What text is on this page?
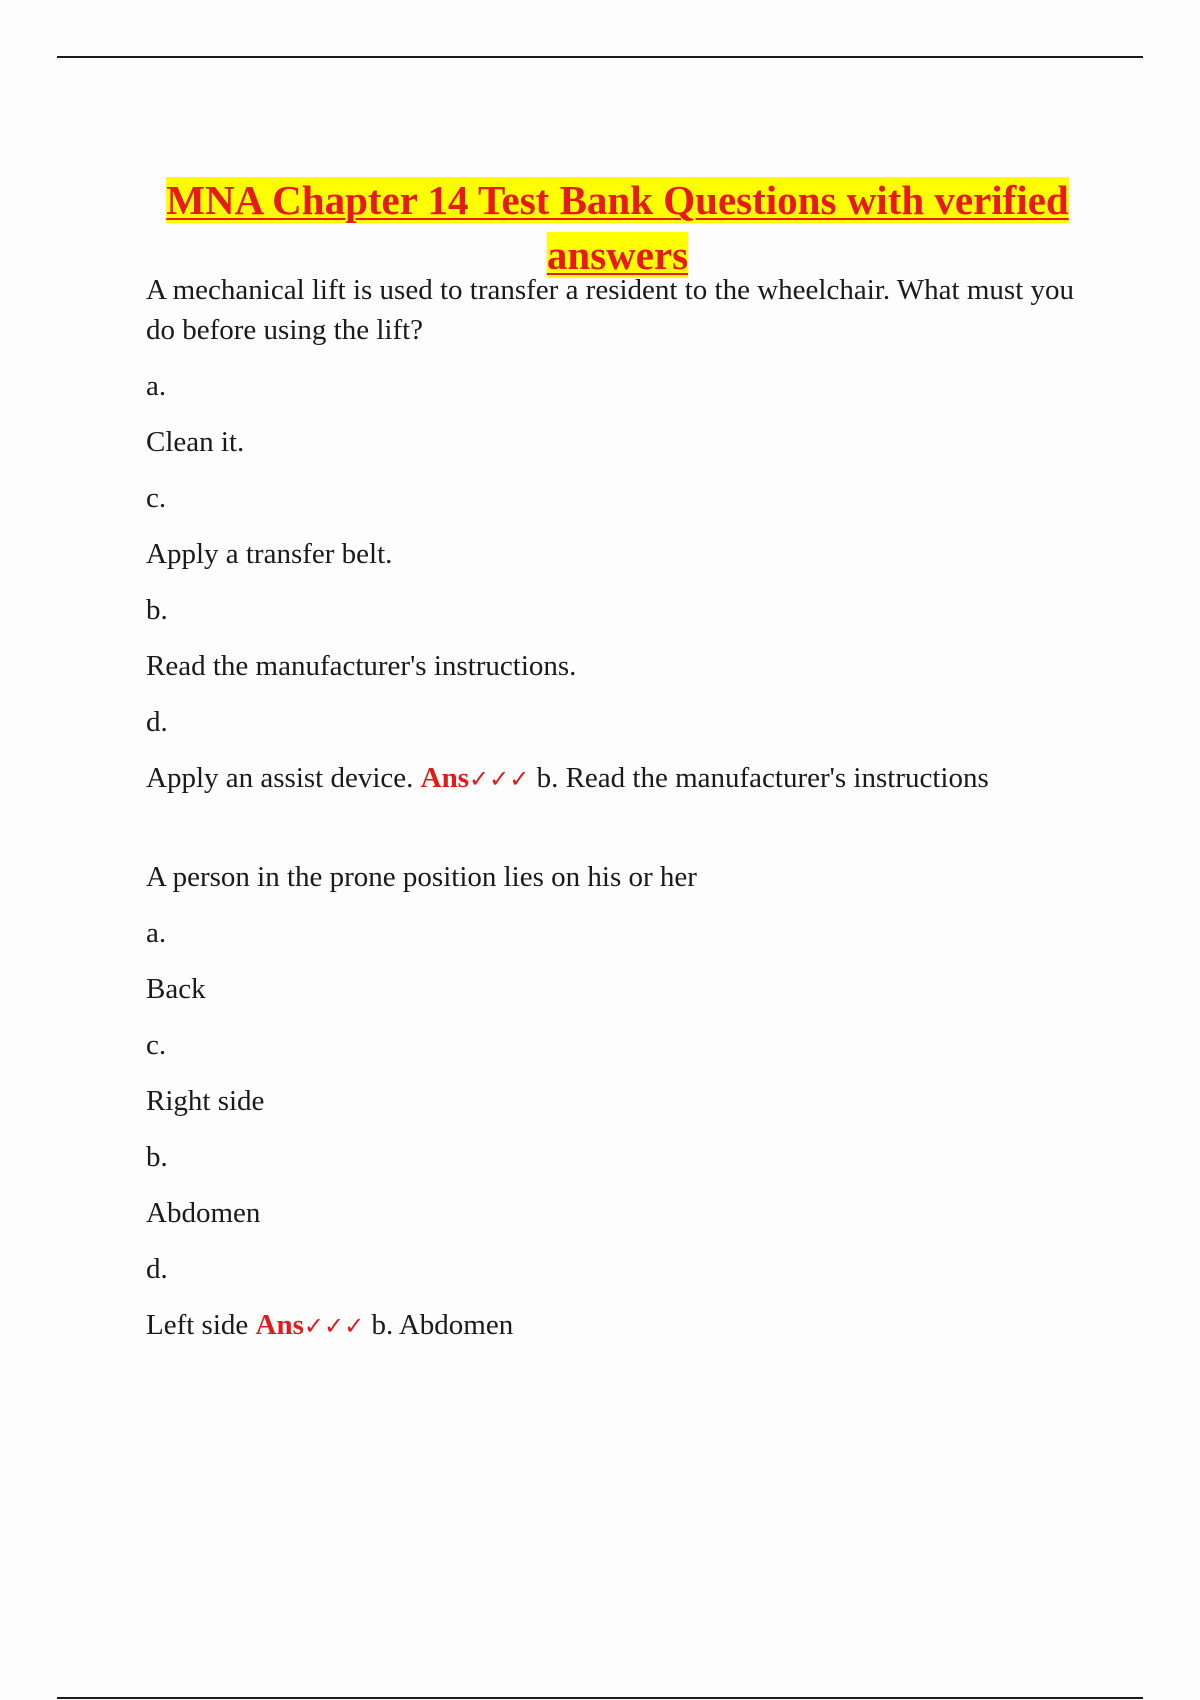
MNA Chapter 14 Test Bank Questions with verified answers

A mechanical lift is used to transfer a resident to the wheelchair. What must you do before using the lift?

a.

Clean it.

c.

Apply a transfer belt.

b.

Read the manufacturer's instructions.

d.

Apply an assist device. Ans✓✓✓ b. Read the manufacturer's instructions

A person in the prone position lies on his or her

a.

Back

c.

Right side

b.

Abdomen

d.

Left side Ans✓✓✓ b. Abdomen
